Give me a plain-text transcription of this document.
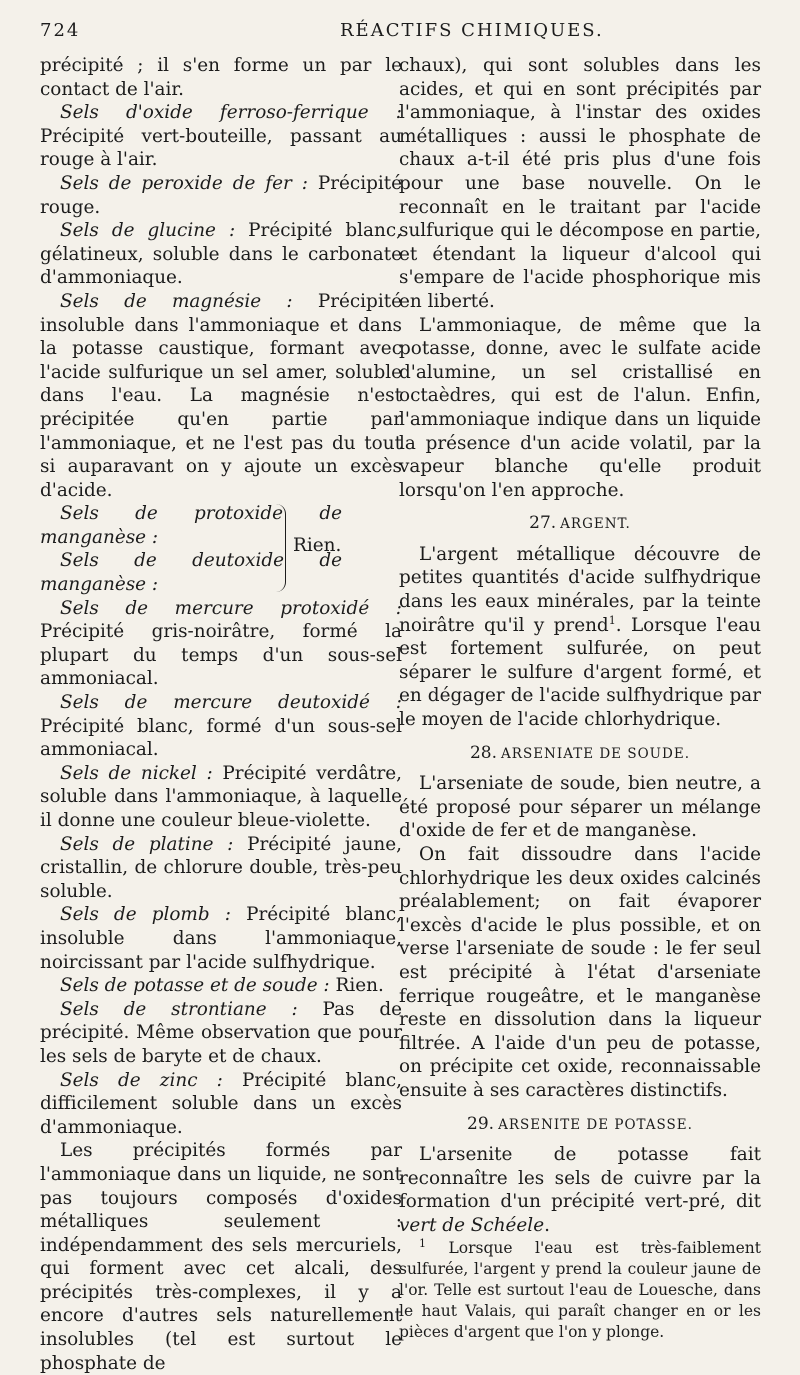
724	RÉACTIFS CHIMIQUES.

précipité ; il s'en forme un par le contact de l'air.

Sels d'oxide ferroso-ferrique : Précipité vert-bouteille, passant au rouge à l'air.

Sels de peroxide de fer : Précipité rouge.

Sels de glucine : Précipité blanc, gélatineux, soluble dans le carbonate d'ammoniaque.

Sels de magnésie : Précipité insoluble dans l'ammoniaque et dans la potasse caustique, formant avec l'acide sulfurique un sel amer, soluble dans l'eau. La magnésie n'est précipitée qu'en partie par l'ammoniaque, et ne l'est pas du tout si auparavant on y ajoute un excès d'acide.

Sels de protoxide de manganèse :

Sels de deutoxide de manganèse :

Rien.

Sels de mercure protoxidé : Précipité gris-noirâtre, formé la plupart du temps d'un sous-sel ammoniacal.

Sels de mercure deutoxidé : Précipité blanc, formé d'un sous-sel ammoniacal.

Sels de nickel : Précipité verdâtre, soluble dans l'ammoniaque, à laquelle il donne une couleur bleue-violette.

Sels de platine : Précipité jaune, cristallin, de chlorure double, très-peu soluble.

Sels de plomb : Précipité blanc, insoluble dans l'ammoniaque, noircissant par l'acide sulfhydrique.

Sels de potasse et de soude : Rien.

Sels de strontiane : Pas de précipité. Même observation que pour les sels de baryte et de chaux.

Sels de zinc : Précipité blanc, difficilement soluble dans un excès d'ammoniaque.

Les précipités formés par l'ammoniaque dans un liquide, ne sont pas toujours composés d'oxides métalliques seulement : indépendamment des sels mercuriels, qui forment avec cet alcali, des précipités très-complexes, il y a encore d'autres sels naturellement insolubles (tel est surtout le phosphate de

chaux), qui sont solubles dans les acides, et qui en sont précipités par l'ammoniaque, à l'instar des oxides métalliques : aussi le phosphate de chaux a-t-il été pris plus d'une fois pour une base nouvelle. On le reconnaît en le traitant par l'acide sulfurique qui le décompose en partie, et étendant la liqueur d'alcool qui s'empare de l'acide phosphorique mis en liberté.

L'ammoniaque, de même que la potasse, donne, avec le sulfate acide d'alumine, un sel cristallisé en octaèdres, qui est de l'alun. Enfin, l'ammoniaque indique dans un liquide la présence d'un acide volatil, par la vapeur blanche qu'elle produit lorsqu'on l'en approche.

27. ARGENT.

L'argent métallique découvre de petites quantités d'acide sulfhydrique dans les eaux minérales, par la teinte noirâtre qu'il y prend$^1$. Lorsque l'eau est fortement sulfurée, on peut séparer le sulfure d'argent formé, et en dégager de l'acide sulfhydrique par le moyen de l'acide chlorhydrique.

28. ARSENIATE DE SOUDE.

L'arseniate de soude, bien neutre, a été proposé pour séparer un mélange d'oxide de fer et de manganèse.

On fait dissoudre dans l'acide chlorhydrique les deux oxides calcinés préalablement; on fait évaporer l'excès d'acide le plus possible, et on verse l'arseniate de soude : le fer seul est précipité à l'état d'arseniate ferrique rougeâtre, et le manganèse reste en dissolution dans la liqueur filtrée. A l'aide d'un peu de potasse, on précipite cet oxide, reconnaissable ensuite à ses caractères distinctifs.

29. ARSENITE DE POTASSE.

L'arsenite de potasse fait reconnaître les sels de cuivre par la formation d'un précipité vert-pré, dit vert de Schéele.

$^1$ Lorsque l'eau est très-faiblement sulfurée, l'argent y prend la couleur jaune de l'or. Telle est surtout l'eau de Louesche, dans le haut Valais, qui paraît changer en or les pièces d'argent que l'on y plonge.
